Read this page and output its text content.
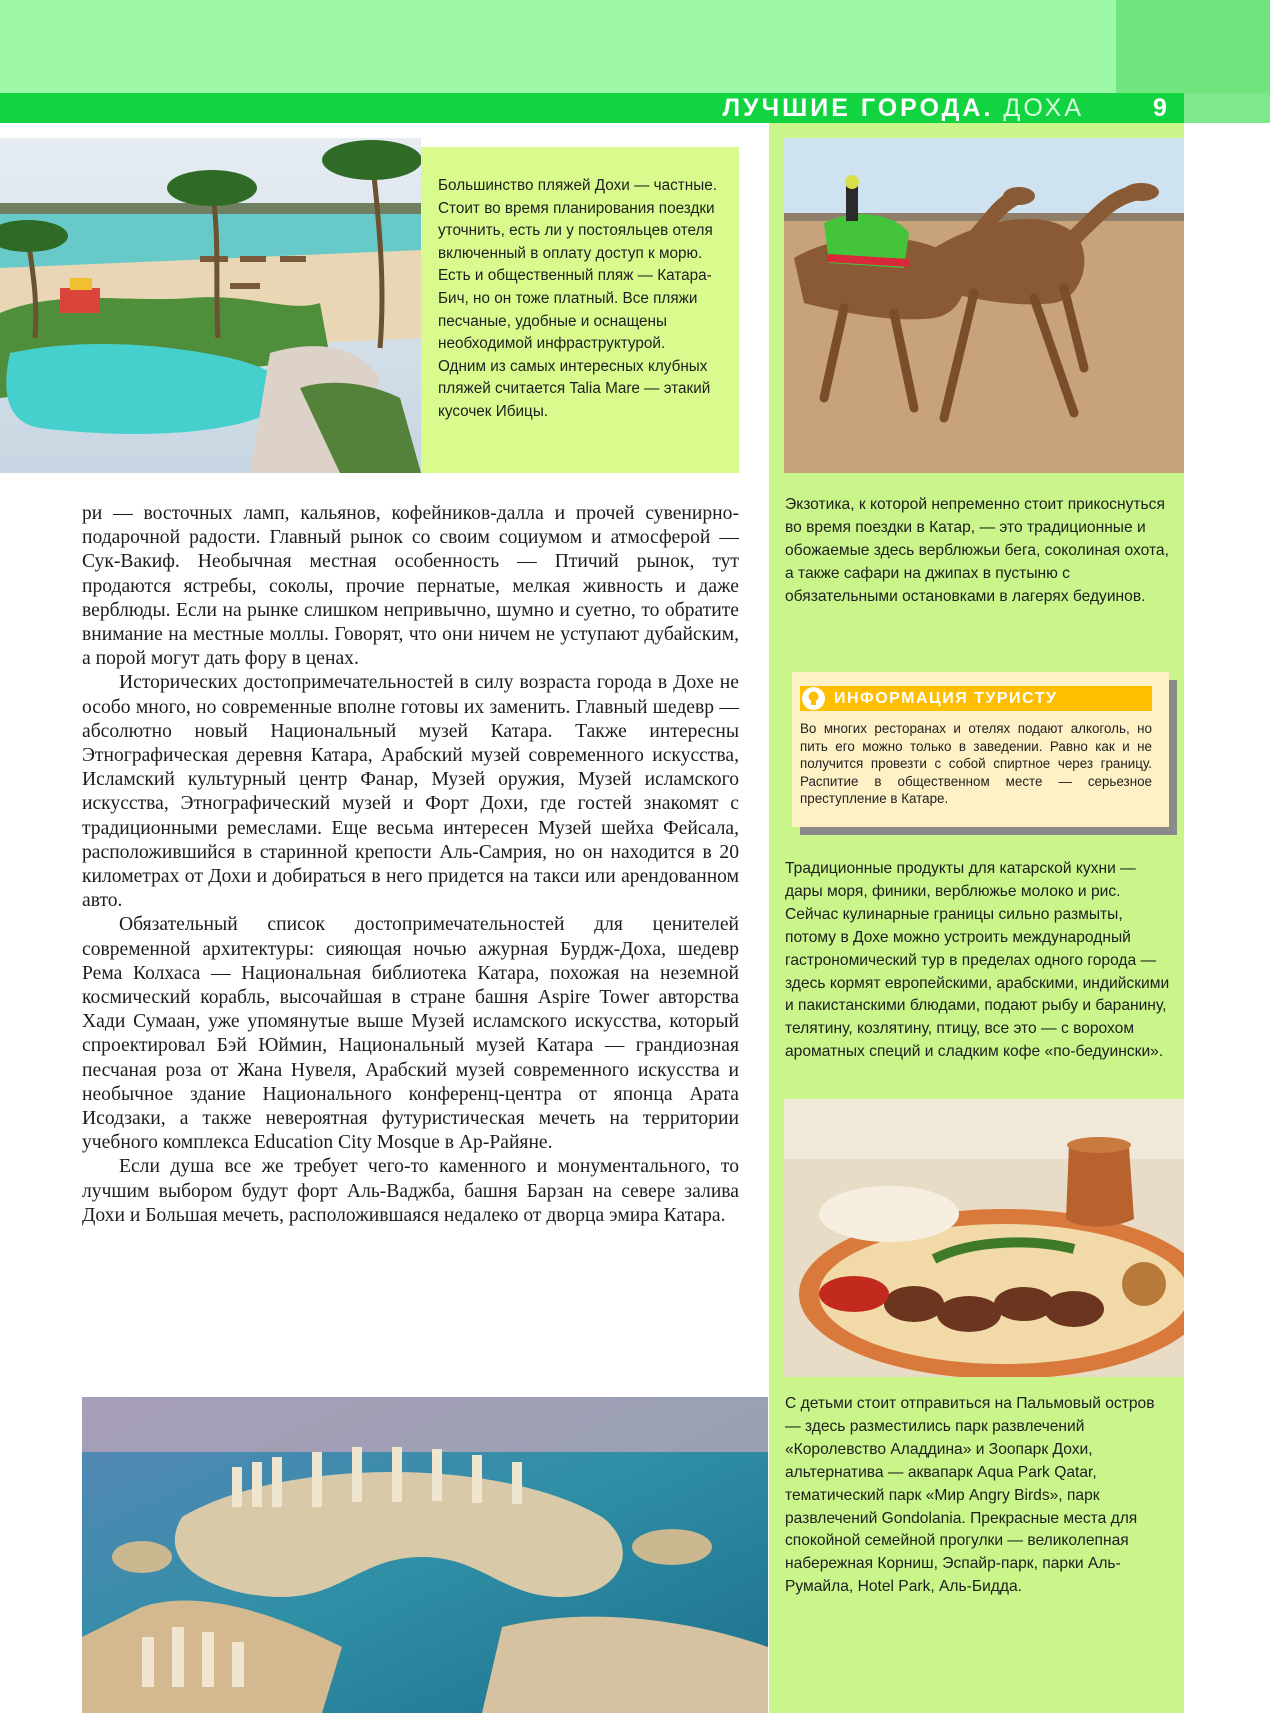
ЛУЧШИЕ ГОРОДА. ДОХА	9
Большинство пляжей Дохи — частные. Стоит во время планирования поездки уточнить, есть ли у постояльцев отеля включенный в оплату доступ к морю. Есть и общественный пляж — Катара-Бич, но он тоже платный. Все пляжи песчаные, удобные и оснащены необходимой инфраструктурой.
Одним из самых интересных клубных пляжей считается Talia Mare — этакий кусочек Ибицы.

ри — восточных ламп, кальянов, кофейников-далла и прочей сувенирно-подарочной радости. Главный рынок со своим социумом и атмосферой — Сук-Вакиф. Необычная местная особенность — Птичий рынок, тут продаются ястребы, соколы, прочие пернатые, мелкая живность и даже верблюды. Если на рынке слишком непривычно, шумно и суетно, то обратите внимание на местные моллы. Говорят, что они ничем не уступают дубайским, а порой могут дать фору в ценах.

Исторических достопримечательностей в силу возраста города в Дохе не особо много, но современные вполне готовы их заменить. Главный шедевр — абсолютно новый Национальный музей Катара. Также интересны Этнографическая деревня Катара, Арабский музей современного искусства, Исламский культурный центр Фанар, Музей оружия, Музей исламского искусства, Этнографический музей и Форт Дохи, где гостей знакомят с традиционными ремеслами. Еще весьма интересен Музей шейха Фейсала, расположившийся в старинной крепости Аль-Самрия, но он находится в 20 километрах от Дохи и добираться в него придется на такси или арендованном авто.

Обязательный список достопримечательностей для ценителей современной архитектуры: сияющая ночью ажурная Бурдж-Доха, шедевр Рема Колхаса — Национальная библиотека Катара, похожая на неземной космический корабль, высочайшая в стране башня Aspire Tower авторства Хади Сумаан, уже упомянутые выше Музей исламского искусства, который спроектировал Бэй Юймин, Национальный музей Катара — грандиозная песчаная роза от Жана Нувеля, Арабский музей современного искусства и необычное здание Национального конференц-центра от японца Арата Исодзаки, а также невероятная футуристическая мечеть на территории учебного комплекса Education City Mosque в Ар-Райяне.

Если душа все же требует чего-то каменного и монументального, то лучшим выбором будут форт Аль-Ваджба, башня Барзан на севере залива Дохи и Большая мечеть, расположившаяся недалеко от дворца эмира Катара.

Экзотика, к которой непременно стоит прикоснуться во время поездки в Катар, — это традиционные и обожаемые здесь верблюжьи бега, соколиная охота, а также сафари на джипах в пустыню с обязательными остановками в лагерях бедуинов.
ИНФОРМАЦИЯ ТУРИСТУ
Во многих ресторанах и отелях подают алкоголь, но пить его можно только в заведении. Равно как и не получится провезти с собой спиртное через границу. Распитие в общественном месте — серьезное преступление в Катаре.
Традиционные продукты для катарской кухни — дары моря, финики, верблюжье молоко и рис. Сейчас кулинарные границы сильно размыты, потому в Дохе можно устроить международный гастрономический тур в пределах одного города — здесь кормят европейскими, арабскими, индийскими и пакистанскими блюдами, подают рыбу и баранину, телятину, козлятину, птицу, все это — с ворохом ароматных специй и сладким кофе «по-бедуински».
С детьми стоит отправиться на Пальмовый остров — здесь разместились парк развлечений «Королевство Аладдина» и Зоопарк Дохи, альтернатива — аквапарк Aqua Park Qatar, тематический парк «Мир Angry Birds», парк развлечений Gondolania. Прекрасные места для спокойной семейной прогулки — великолепная набережная Корниш, Эспайр-парк, парки Аль-Румайла, Hotel Park, Аль-Бидда.
